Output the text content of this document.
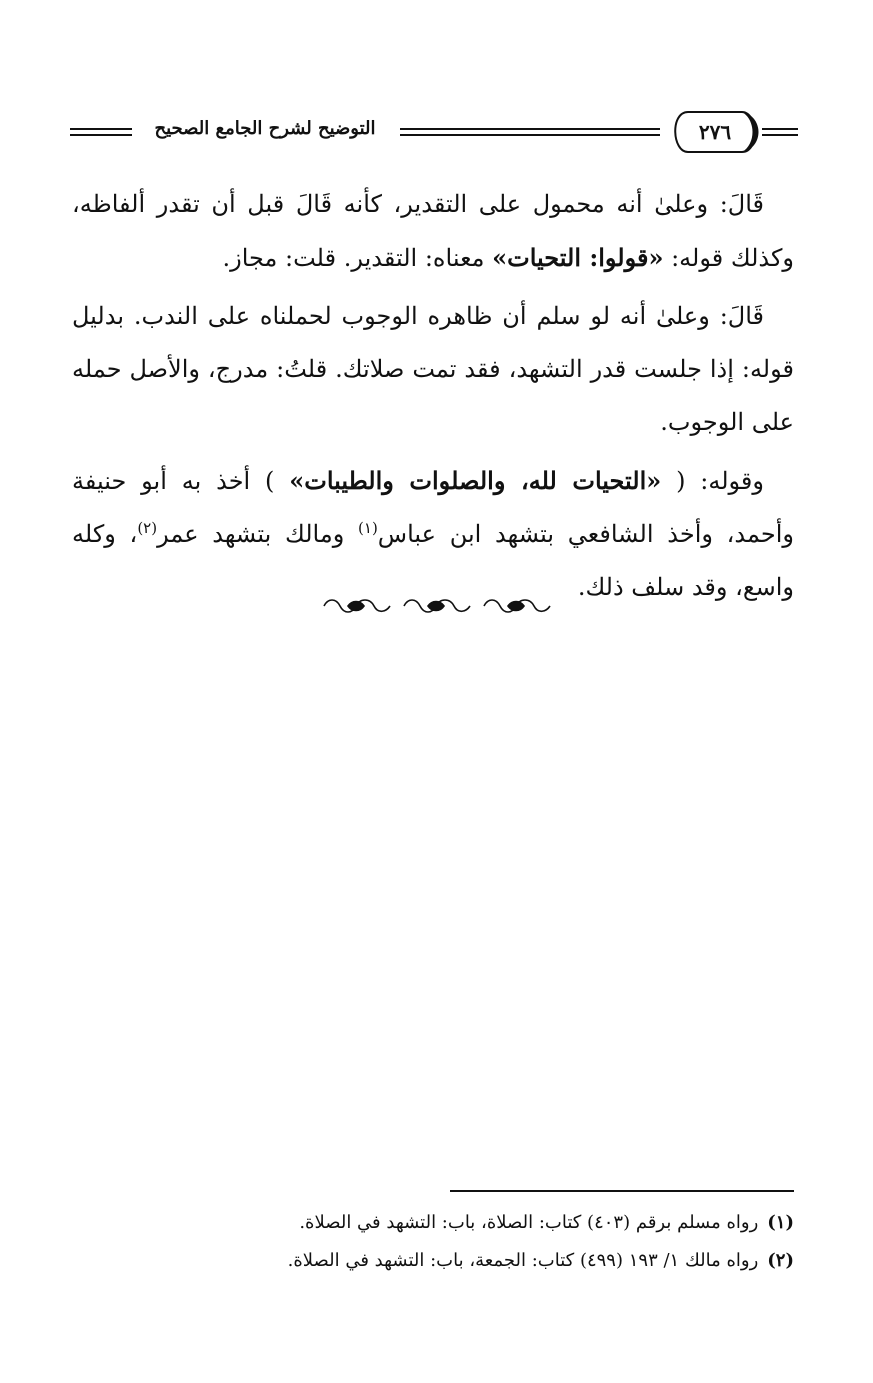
التوضيح لشرح الجامع الصحيح	٢٧٦

قَالَ: وعلىٰ أنه محمول على التقدير، كأنه قَالَ قبل أن تقدر ألفاظه، وكذلك قوله: «قولوا: التحيات» معناه: التقدير. قلت: مجاز.

قَالَ: وعلىٰ أنه لو سلم أن ظاهره الوجوب لحملناه على الندب. بدليل قوله: إذا جلست قدر التشهد، فقد تمت صلاتك. قلتُ: مدرج، والأصل حمله على الوجوب.

وقوله: ( «التحيات لله، والصلوات والطيبات» ) أخذ به أبو حنيفة وأحمد، وأخذ الشافعي بتشهد ابن عباس$^{(١)}$ ومالك بتشهد عمر$^{(٢)}$، وكله واسع، وقد سلف ذلك.

(١) رواه مسلم برقم (٤٠٣) كتاب: الصلاة، باب: التشهد في الصلاة.
(٢) رواه مالك ١/ ١٩٣ (٤٩٩) كتاب: الجمعة، باب: التشهد في الصلاة.
